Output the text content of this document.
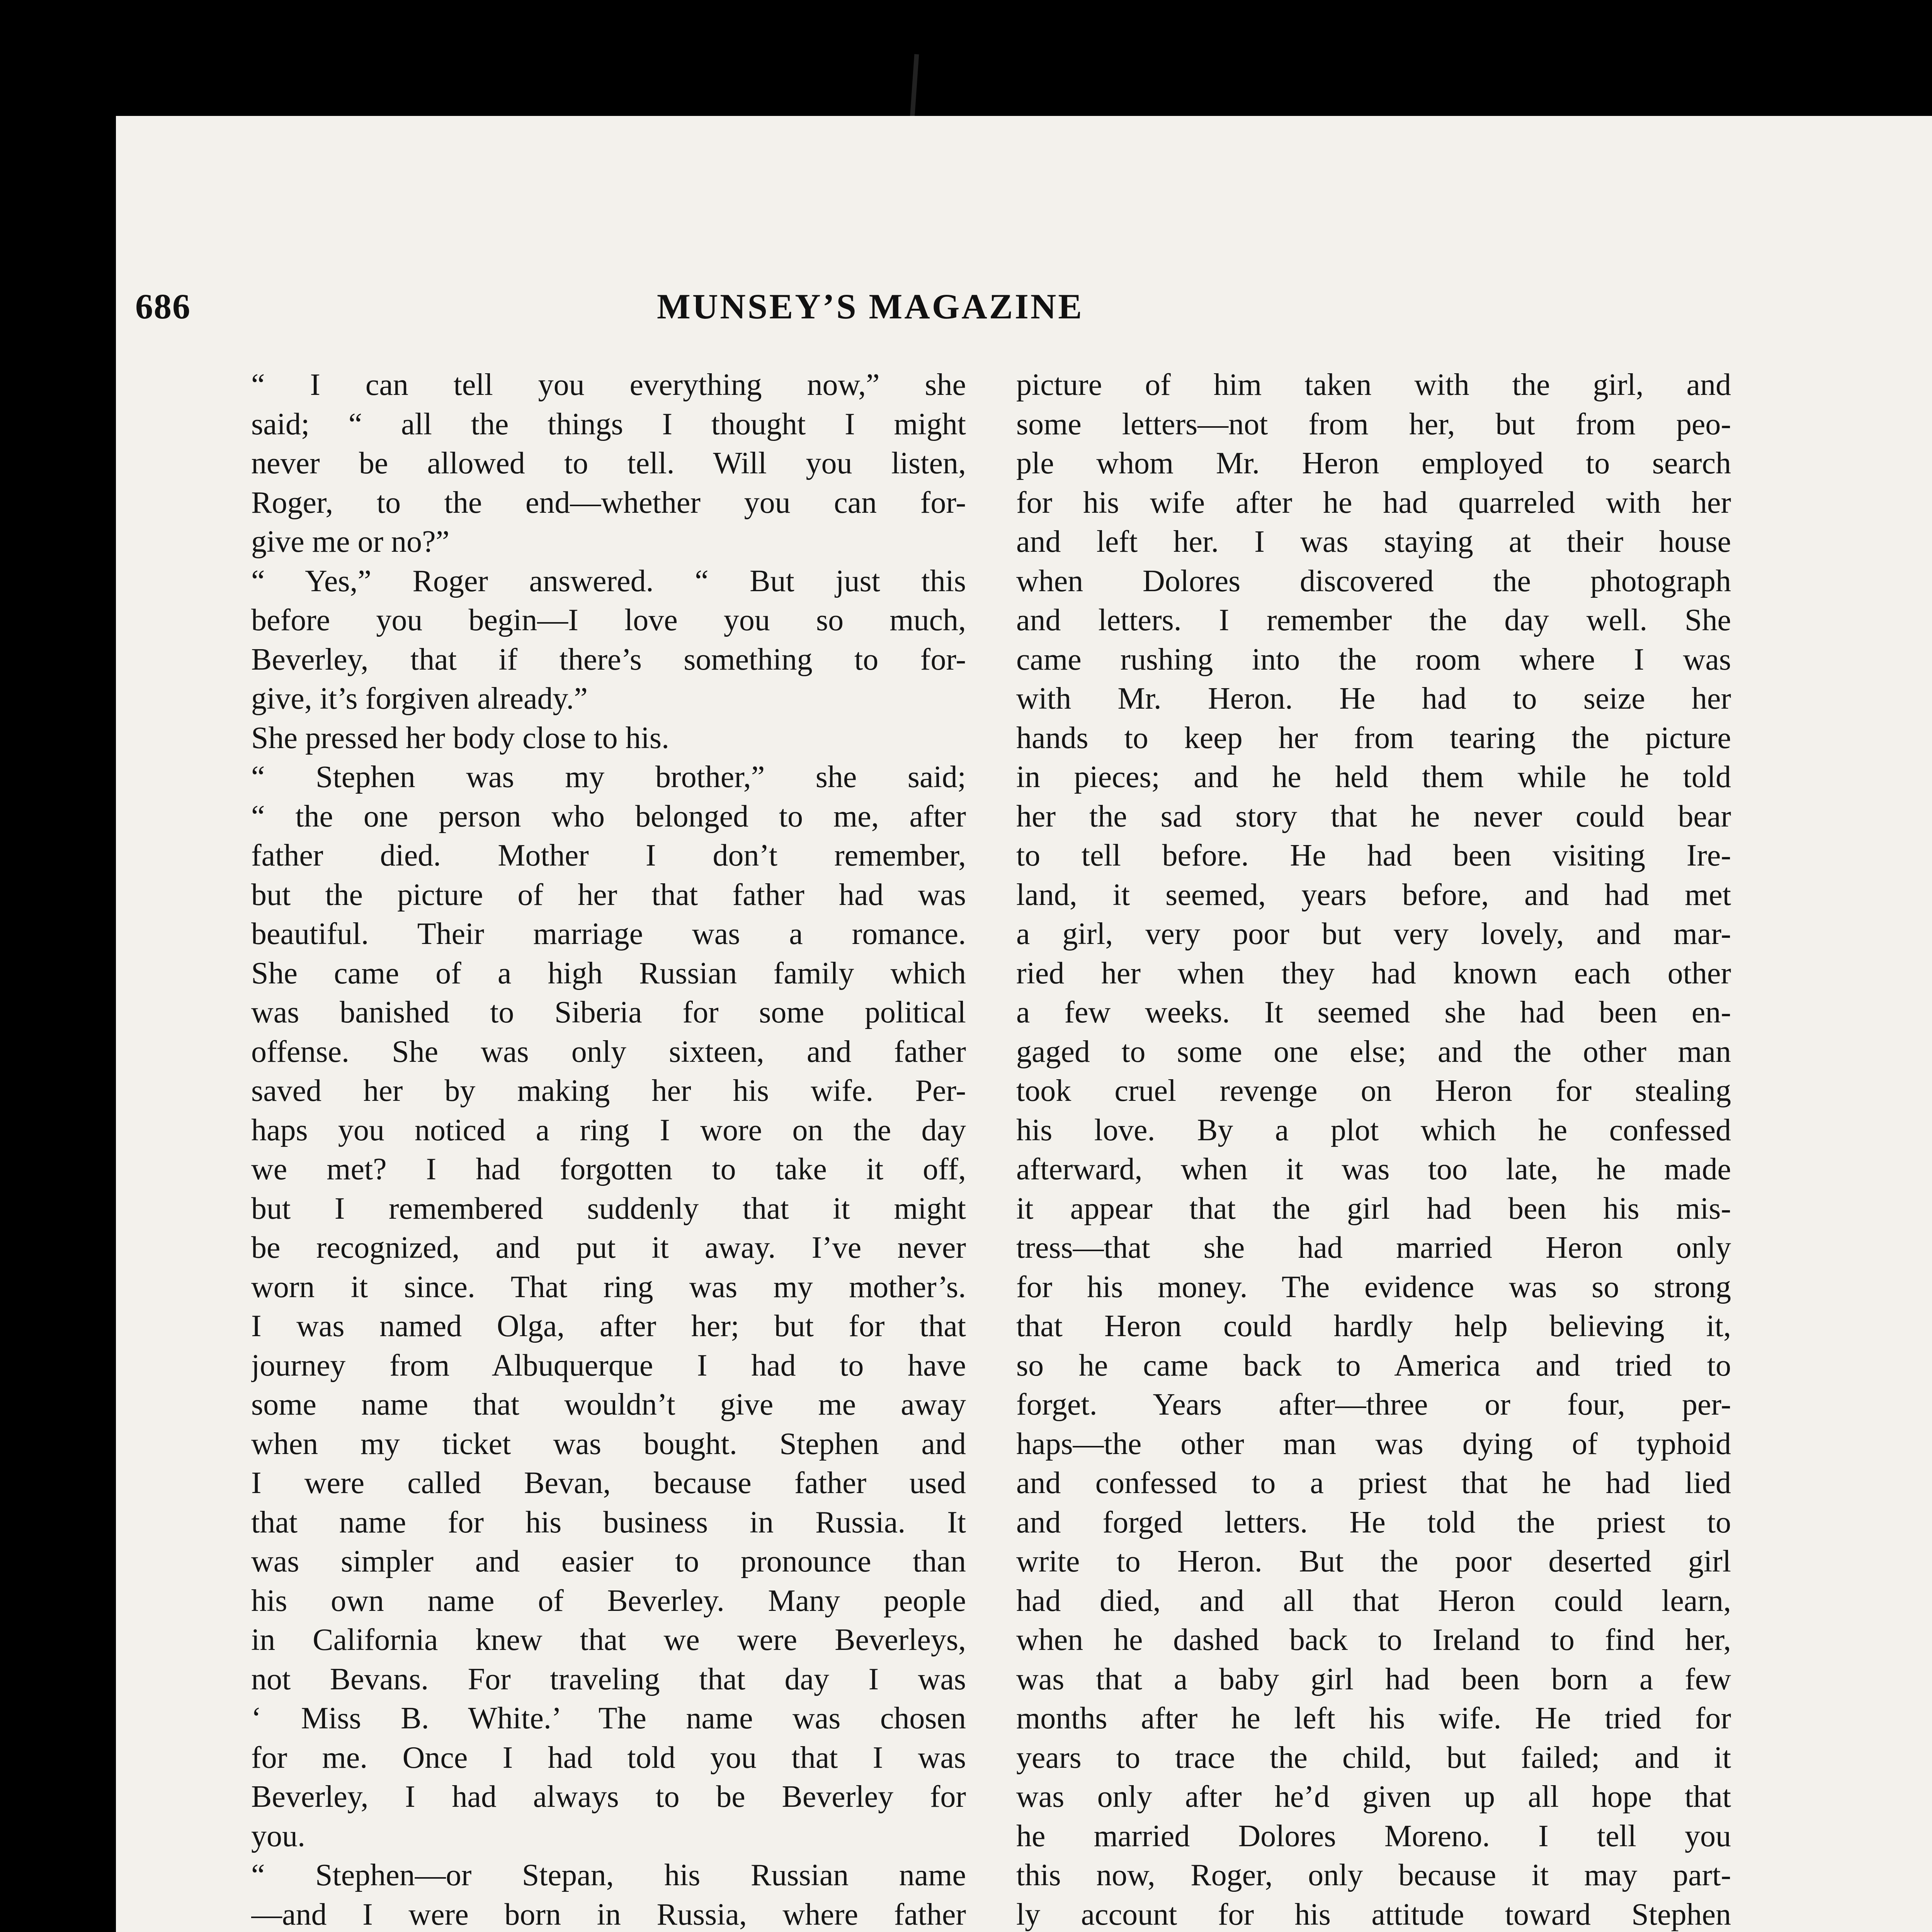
686	MUNSEY’S MAGAZINE
“ I can tell you everything now,” she
said; “ all the things I thought I might
never be allowed to tell. Will you listen,
Roger, to the end—whether you can for-
give me or no?”
“ Yes,” Roger answered. “ But just this
before you begin—I love you so much,
Beverley, that if there’s something to for-
give, it’s forgiven already.”
She pressed her body close to his.
“ Stephen was my brother,” she said;
“ the one person who belonged to me, after
father died. Mother I don’t remember,
but the picture of her that father had was
beautiful. Their marriage was a romance.
She came of a high Russian family which
was banished to Siberia for some political
offense. She was only sixteen, and father
saved her by making her his wife. Per-
haps you noticed a ring I wore on the day
we met? I had forgotten to take it off,
but I remembered suddenly that it might
be recognized, and put it away. I’ve never
worn it since. That ring was my mother’s.
I was named Olga, after her; but for that
journey from Albuquerque I had to have
some name that wouldn’t give me away
when my ticket was bought. Stephen and
I were called Bevan, because father used
that name for his business in Russia. It
was simpler and easier to pronounce than
his own name of Beverley. Many people
in California knew that we were Beverleys,
not Bevans. For traveling that day I was
‘ Miss B. White.’ The name was chosen
for me. Once I had told you that I was
Beverley, I had always to be Beverley for
you.
“ Stephen—or Stepan, his Russian name
—and I were born in Russia, where father
picture of him taken with the girl, and
some letters—not from her, but from peo-
ple whom Mr. Heron employed to search
for his wife after he had quarreled with her
and left her. I was staying at their house
when Dolores discovered the photograph
and letters. I remember the day well. She
came rushing into the room where I was
with Mr. Heron. He had to seize her
hands to keep her from tearing the picture
in pieces; and he held them while he told
her the sad story that he never could bear
to tell before. He had been visiting Ire-
land, it seemed, years before, and had met
a girl, very poor but very lovely, and mar-
ried her when they had known each other
a few weeks. It seemed she had been en-
gaged to some one else; and the other man
took cruel revenge on Heron for stealing
his love. By a plot which he confessed
afterward, when it was too late, he made
it appear that the girl had been his mis-
tress—that she had married Heron only
for his money. The evidence was so strong
that Heron could hardly help believing it,
so he came back to America and tried to
forget. Years after—three or four, per-
haps—the other man was dying of typhoid
and confessed to a priest that he had lied
and forged letters. He told the priest to
write to Heron. But the poor deserted girl
had died, and all that Heron could learn,
when he dashed back to Ireland to find her,
was that a baby girl had been born a few
months after he left his wife. He tried for
years to trace the child, but failed; and it
was only after he’d given up all hope that
he married Dolores Moreno. I tell you
this now, Roger, only because it may part-
ly account for his attitude toward Stephen
